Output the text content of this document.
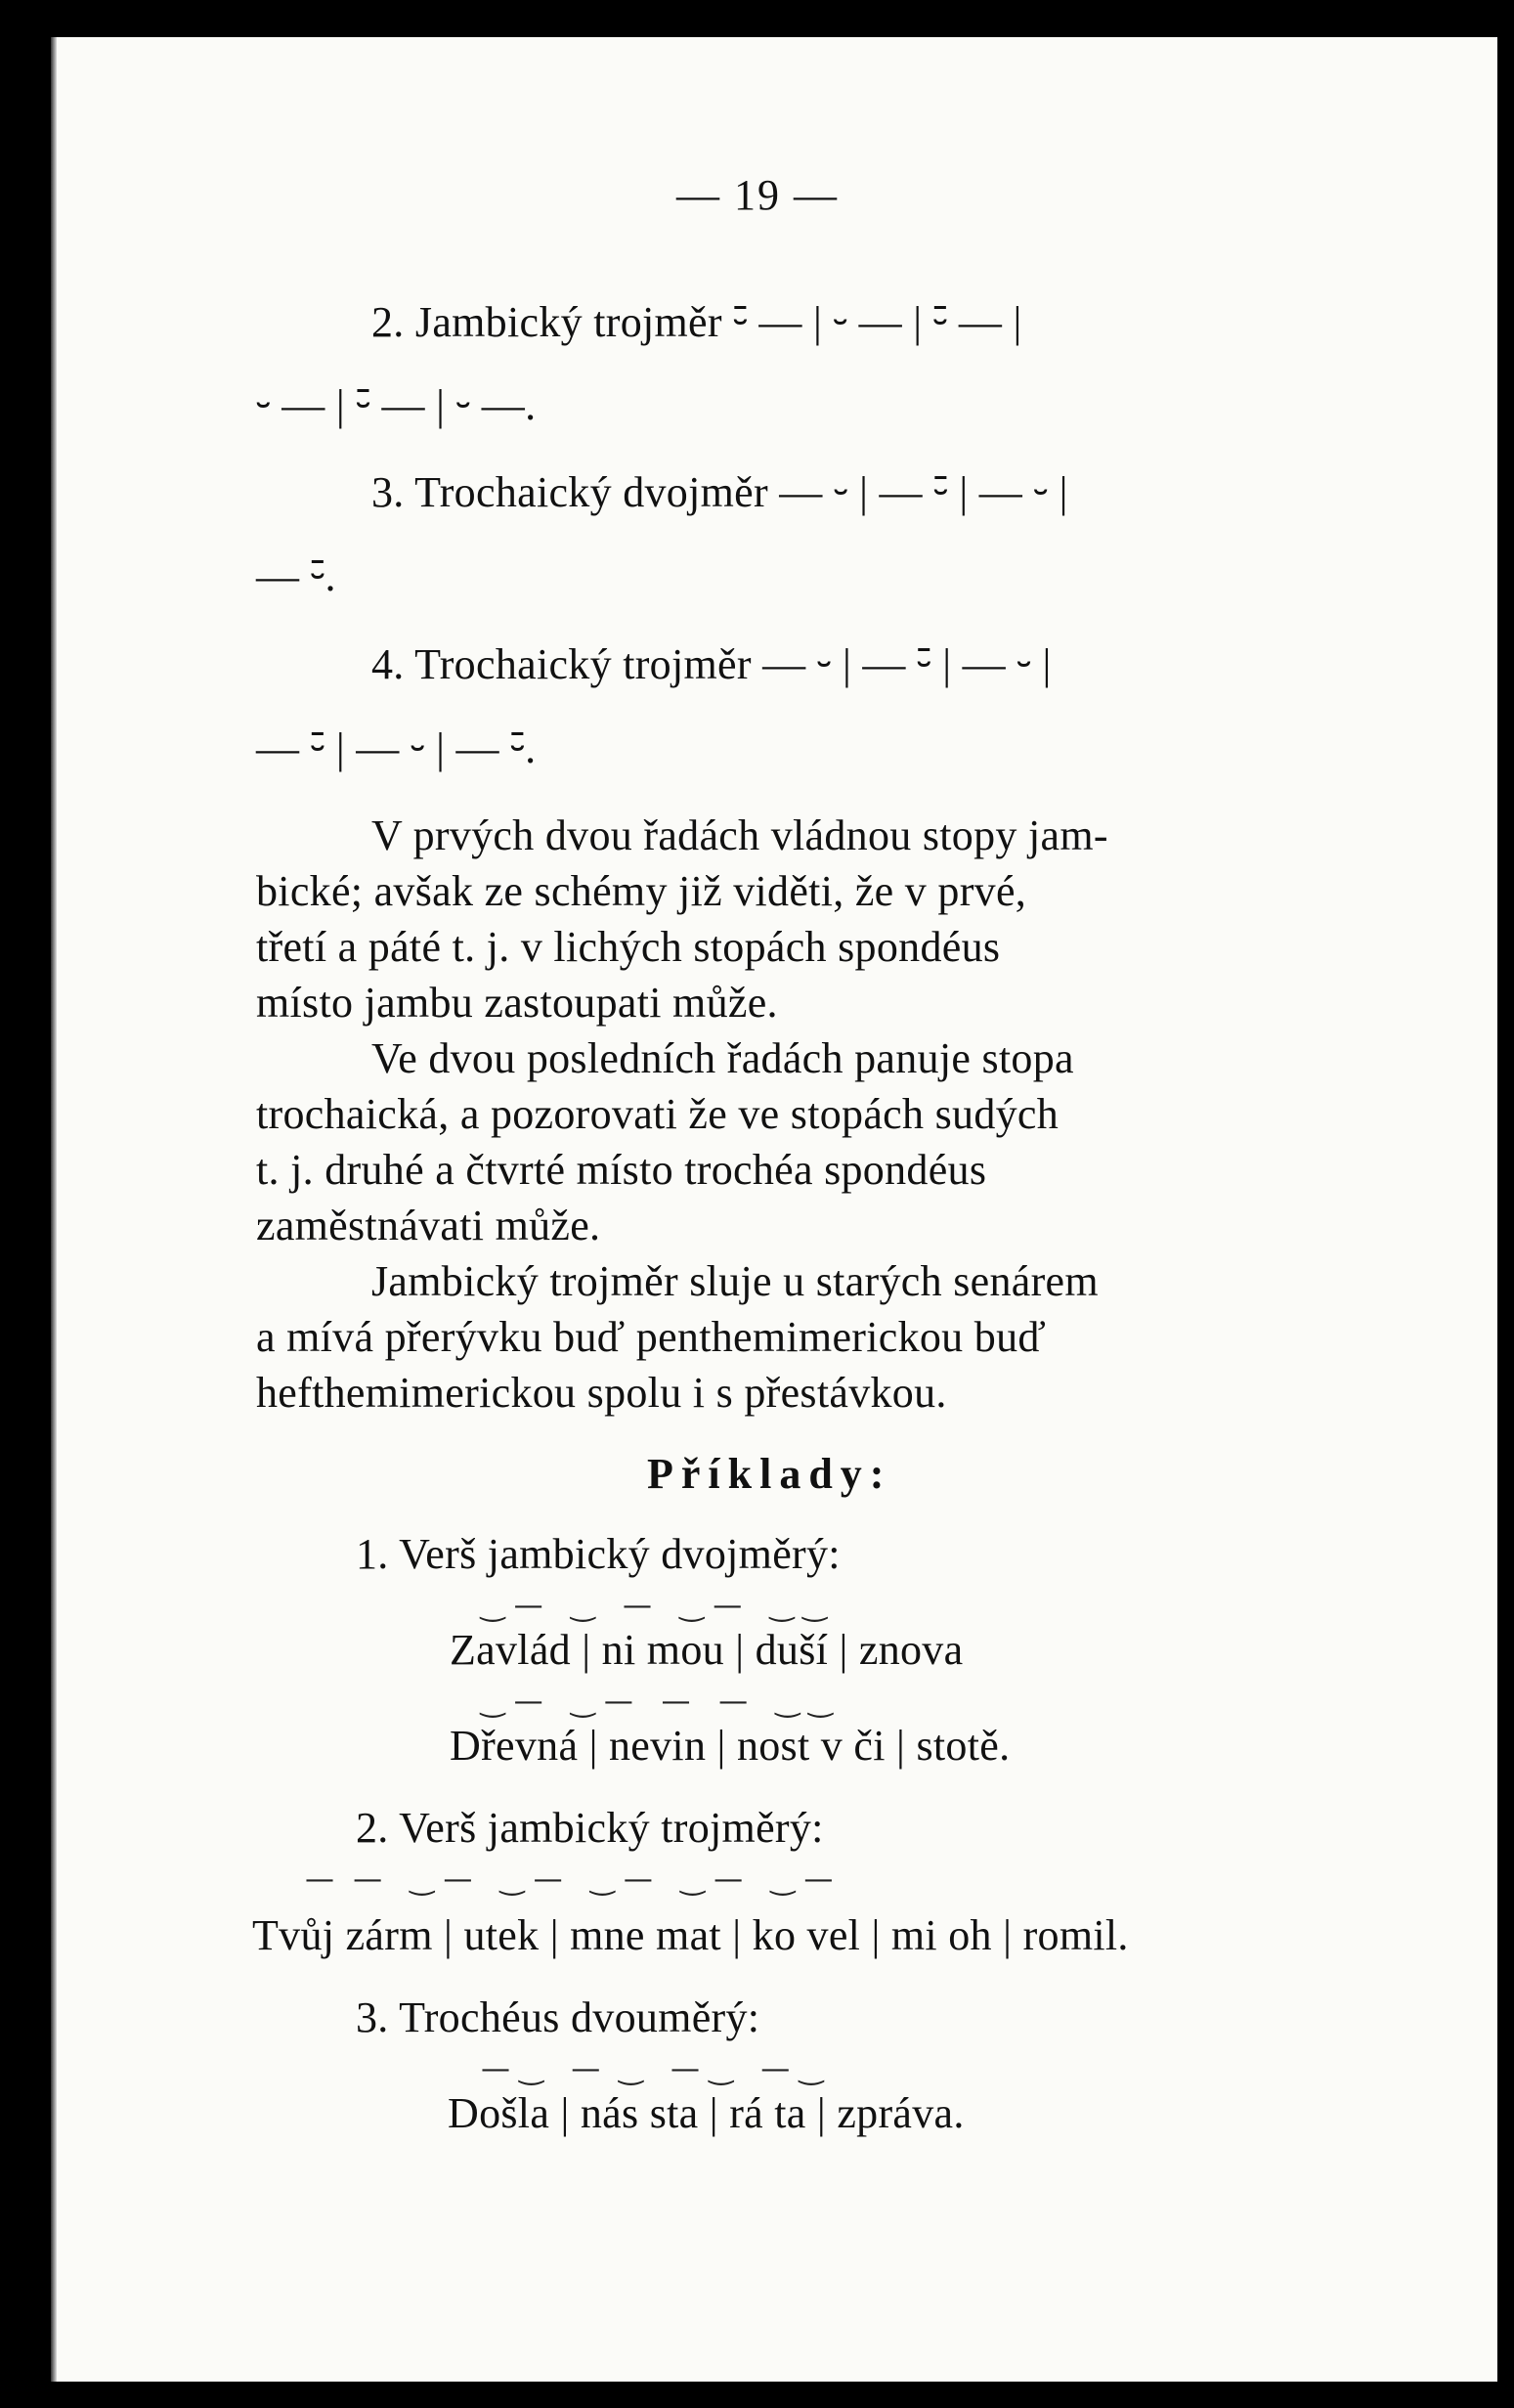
— 19 —
2. Jambický trojměr ⏑̄ — | ⏑ — | ⏑̄ — |
⏑ — | ⏑̄ — | ⏑ —.
3. Trochaický dvojměr — ⏑ | — ⏑̄ | — ⏑ |
— ⏑̄.
4. Trochaický trojměr — ⏑ | — ⏑̄ | — ⏑ |
— ⏑̄ | — ⏑ | — ⏑̄.
V prvých dvou řadách vládnou stopy jam-
bické; avšak ze schémy již viděti, že v prvé,
třetí a páté t. j. v lichých stopách spondéus
místo jambu zastoupati může.
Ve dvou posledních řadách panuje stopa
trochaická, a pozorovati že ve stopách sudých
t. j. druhé a čtvrté místo trochéa spondéus
zaměstnávati může.
Jambický trojměr sluje u starých senárem
a mívá přerývku buď penthemimerickou buď
hefthemimerickou spolu i s přestávkou.
Příklady:
1. Verš jambický dvojměrý:
‿ —   ‿   —   ‿ —   ‿ ‿
Zavlád | ni mou | duší | znova
‿ —   ‿ —   —   —   ‿ ‿
Dřevná | nevin | nost v či | stotě.
2. Verš jambický trojměrý:
—  —   ‿ —   ‿ —   ‿ —   ‿ —   ‿ —
Tvůj zárm | utek | mne mat | ko vel | mi oh | romil.
3. Trochéus dvouměrý:
— ‿   —  ‿   — ‿   — ‿
Došla | nás sta | rá ta | zpráva.
